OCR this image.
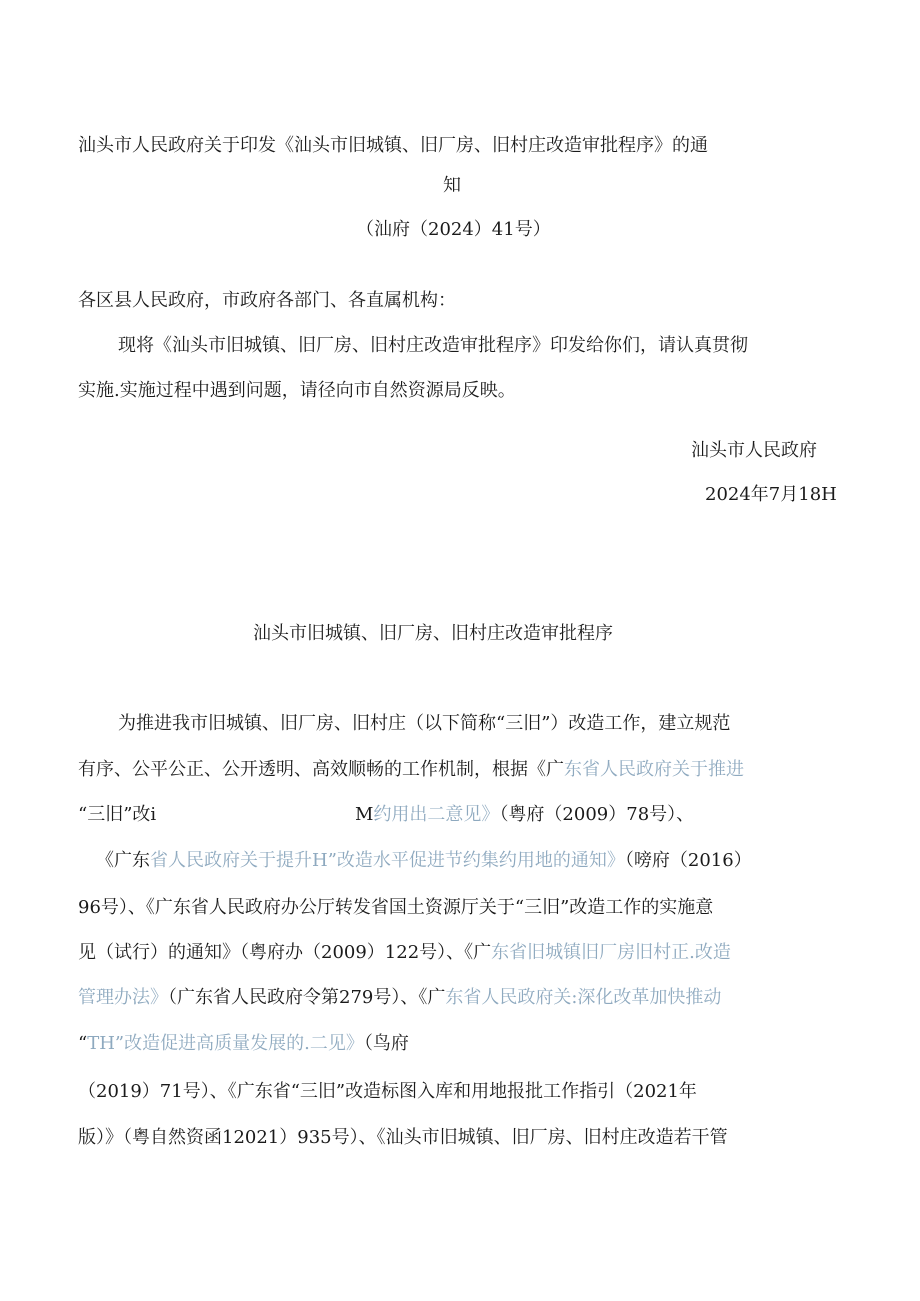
汕头市人民政府关于印发《汕头市旧城镇、旧厂房、旧村庄改造审批程序》的通
知
（汕府（2024）41号）
各区县人民政府，市政府各部门、各直属机构：
现将《汕头市旧城镇、旧厂房、旧村庄改造审批程序》印发给你们，请认真贯彻
实施.实施过程中遇到问题，请径向市自然资源局反映。
汕头市人民政府
2024年7月18H
汕头市旧城镇、旧厂房、旧村庄改造审批程序
为推进我市旧城镇、旧厂房、旧村庄（以下简称“三旧”）改造工作，建立规范
有序、公平公正、公开透明、高效顺畅的工作机制，根据《广东省人民政府关于推进
“三旧”改i	M约用出二意见》（粤府（2009）78号）、
《广东省人民政府关于提升H”改造水平促进节约集约用地的通知》（嗙府（2016）
96号）、《广东省人民政府办公厅转发省国土资源厅关于“三旧”改造工作的实施意
见（试行）的通知》（粤府办（2009）122号）、《广东省旧城镇旧厂房旧村正.改造
管理办法》（广东省人民政府令第279号）、《广东省人民政府关:深化改革加快推动
“TH”改造促进高质量发展的.二见》（鸟府
（2019）71号）、《广东省“三旧”改造标图入库和用地报批工作指引（2021年
版）》（粤自然资函12021）935号）、《汕头市旧城镇、旧厂房、旧村庄改造若干管
